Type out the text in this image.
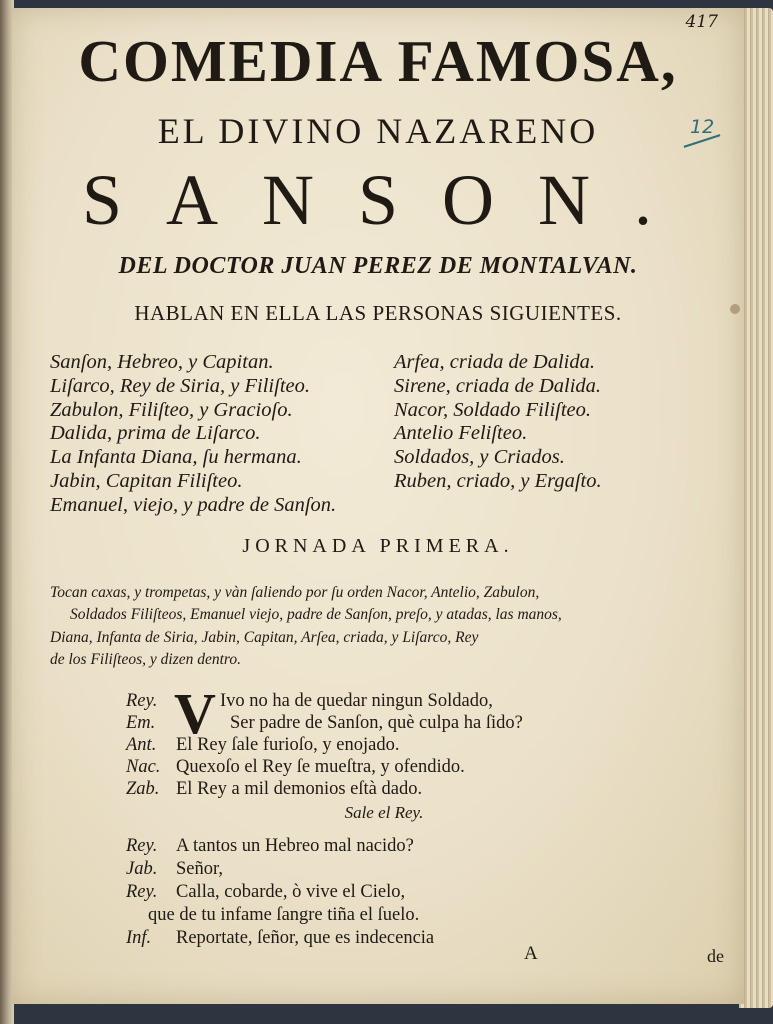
417
12
COMEDIA FAMOSA,
EL DIVINO NAZARENO
SANSON.
DEL DOCTOR JUAN PEREZ DE MONTALVAN.
HABLAN EN ELLA LAS PERSONAS SIGUIENTES.
Sanſon, Hebreo, y Capitan.
Liſarco, Rey de Siria, y Filiſteo.
Zabulon, Filiſteo, y Gracioſo.
Dalida, prima de Liſarco.
La Infanta Diana, ſu hermana.
Jabin, Capitan Filiſteo.
Emanuel, viejo, y padre de Sanſon.
Arfea, criada de Dalida.
Sirene, criada de Dalida.
Nacor, Soldado Filiſteo.
Antelio Feliſteo.
Soldados, y Criados.
Ruben, criado, y Ergaſto.
JORNADA PRIMERA.
Tocan caxas, y trompetas, y vàn ſaliendo por ſu orden Nacor, Antelio, Zabulon,
Soldados Filiſteos, Emanuel viejo, padre de Sanſon, preſo, y atadas, las manos,
Diana, Infanta de Siria, Jabin, Capitan, Arſea, criada, y Liſarco, Rey
de los Filiſteos, y dizen dentro.
V
Rey.	Ivo no ha de quedar ningun Soldado,
Em.	Ser padre de Sanſon, què culpa ha ſido?
Ant. El Rey ſale furioſo, y enojado.
Nac. Quexoſo el Rey ſe mueſtra, y ofendido.
Zab. El Rey a mil demonios eſtà dado.
Sale el Rey.
Rey. A tantos un Hebreo mal nacido?
Jab. Señor,
Rey. Calla, cobarde, ò vive el Cielo,
que de tu infame ſangre tiña el ſuelo.
Inf. Reportate, ſeñor, que es indecencia
A	de
